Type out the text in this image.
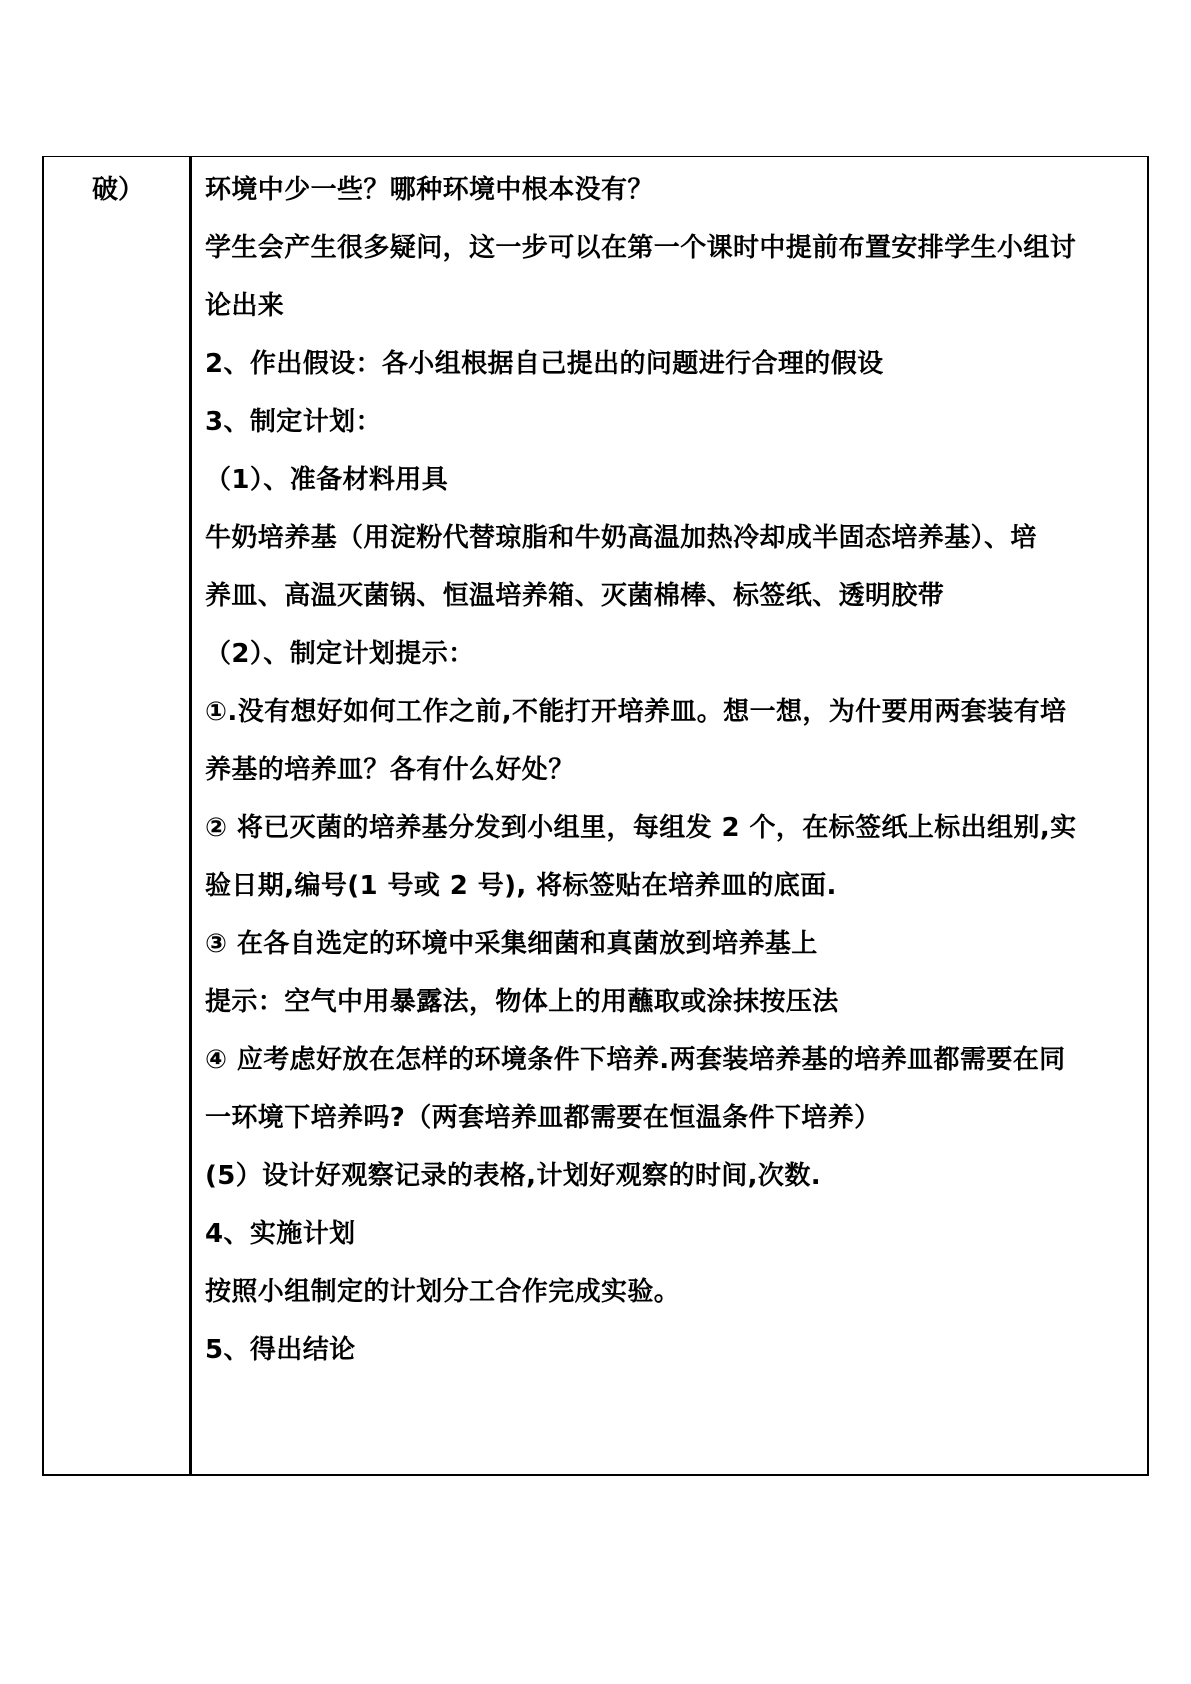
破） 环境中少一些？哪种环境中根本没有？
学生会产生很多疑问，这一步可以在第一个课时中提前布置安排学生小组讨
论出来
2、作出假设：各小组根据自己提出的问题进行合理的假设
3、制定计划：
（1）、准备材料用具
牛奶培养基（用淀粉代替琼脂和牛奶高温加热冷却成半固态培养基）、培
养皿、高温灭菌锅、恒温培养箱、灭菌棉棒、标签纸、透明胶带
（2）、制定计划提示：
①.没有想好如何工作之前,不能打开培养皿。想一想，为什要用两套装有培
养基的培养皿？各有什么好处？
② 将已灭菌的培养基分发到小组里，每组发 2 个，在标签纸上标出组别,实
验日期,编号(1 号或 2 号), 将标签贴在培养皿的底面.
③ 在各自选定的环境中采集细菌和真菌放到培养基上
提示：空气中用暴露法，物体上的用蘸取或涂抹按压法
④ 应考虑好放在怎样的环境条件下培养.两套装培养基的培养皿都需要在同
一环境下培养吗?（两套培养皿都需要在恒温条件下培养）
(5）设计好观察记录的表格,计划好观察的时间,次数.
4、实施计划
按照小组制定的计划分工合作完成实验。
5、得出结论
